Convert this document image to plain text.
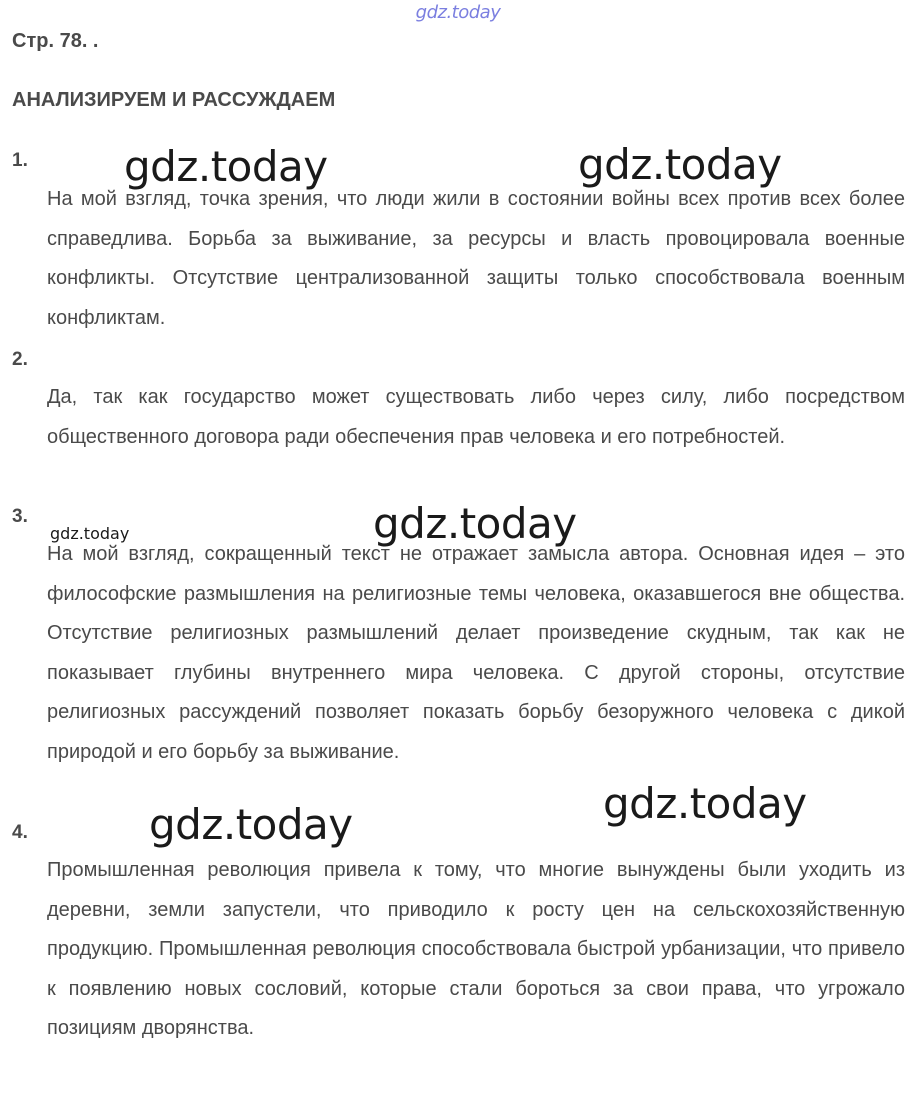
gdz.today
Стр. 78. .
АНАЛИЗИРУЕМ И РАССУЖДАЕМ
1.

На мой взгляд, точка зрения, что люди жили в состоянии войны всех против всех более справедлива. Борьба за выживание, за ресурсы и власть провоцировала военные конфликты. Отсутствие централизованной защиты только способствовала военным конфликтам.

2.

Да, так как государство может существовать либо через силу, либо посредством общественного договора ради обеспечения прав человека и его потребностей.

3.

На мой взгляд, сокращенный текст не отражает замысла автора. Основная идея – это философские размышления на религиозные темы человека, оказавшегося вне общества. Отсутствие религиозных размышлений делает произведение скудным, так как не показывает глубины внутреннего мира человека. С другой стороны, отсутствие религиозных рассуждений позволяет показать борьбу безоружного человека с дикой природой и его борьбу за выживание.

4.

Промышленная революция привела к тому, что многие вынуждены были уходить из деревни, земли запустели, что приводило к росту цен на сельскохозяйственную продукцию. Промышленная революция способствовала быстрой урбанизации, что привело к появлению новых сословий, которые стали бороться за свои права, что угрожало позициям дворянства.

gdz.today	gdz.today
gdz.today
gdz.today
gdz.today
gdz.today
